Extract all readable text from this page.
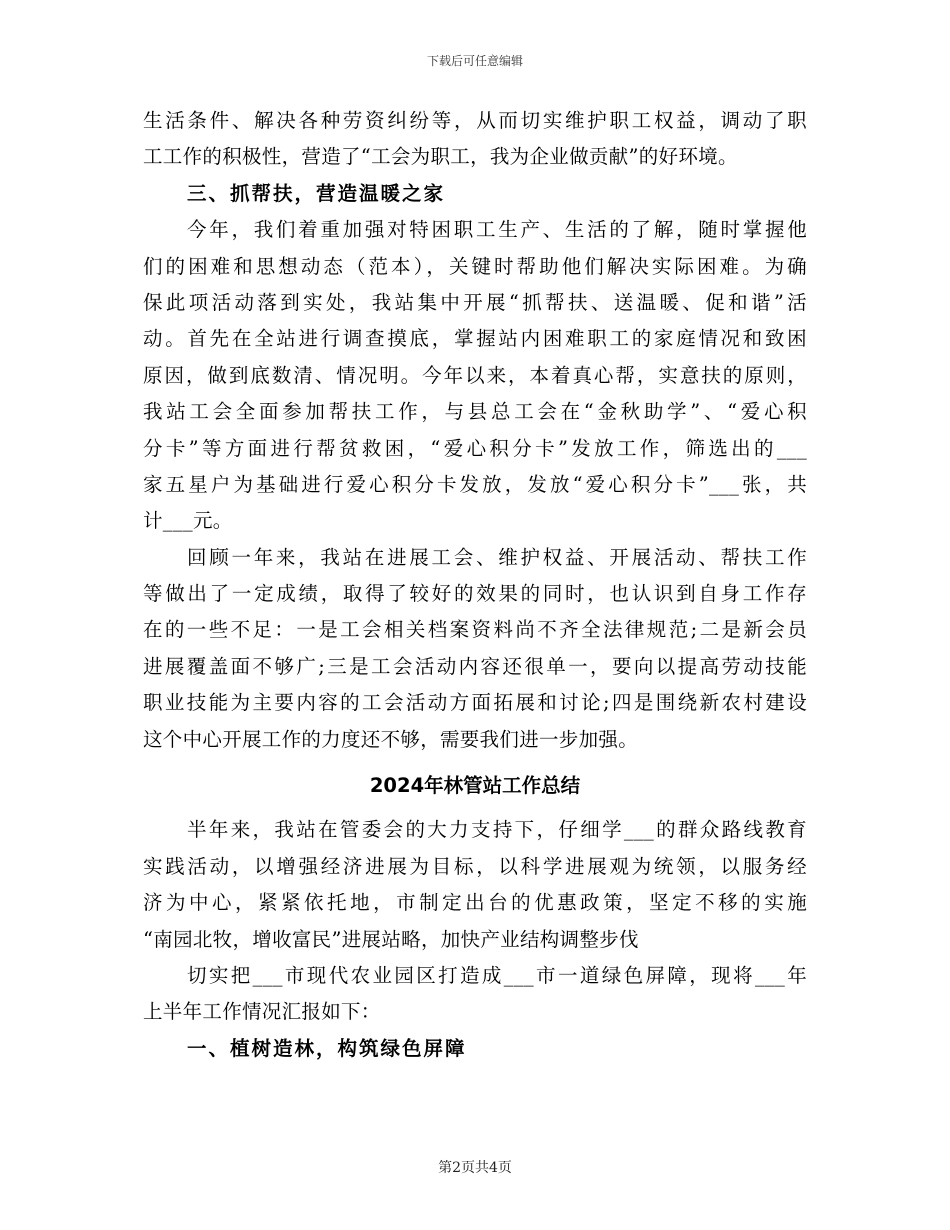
下载后可任意编辑
生活条件、解决各种劳资纠纷等，从而切实维护职工权益，调动了职
工工作的积极性，营造了“工会为职工，我为企业做贡献”的好环境。
三、抓帮扶，营造温暖之家
今年，我们着重加强对特困职工生产、生活的了解，随时掌握他
们的困难和思想动态（范本），关键时帮助他们解决实际困难。为确
保此项活动落到实处，我站集中开展“抓帮扶、送温暖、促和谐”活
动。首先在全站进行调查摸底，掌握站内困难职工的家庭情况和致困
原因，做到底数清、情况明。今年以来，本着真心帮，实意扶的原则，
我站工会全面参加帮扶工作，与县总工会在“金秋助学”、“爱心积
分卡”等方面进行帮贫救困，“爱心积分卡”发放工作，筛选出的___
家五星户为基础进行爱心积分卡发放，发放“爱心积分卡”___张，共
计___元。
回顾一年来，我站在进展工会、维护权益、开展活动、帮扶工作
等做出了一定成绩，取得了较好的效果的同时，也认识到自身工作存
在的一些不足：一是工会相关档案资料尚不齐全法律规范;二是新会员
进展覆盖面不够广;三是工会活动内容还很单一，要向以提高劳动技能
职业技能为主要内容的工会活动方面拓展和讨论;四是围绕新农村建设
这个中心开展工作的力度还不够，需要我们进一步加强。
2024年林管站工作总结
半年来，我站在管委会的大力支持下，仔细学___的群众路线教育
实践活动，以增强经济进展为目标，以科学进展观为统领，以服务经
济为中心，紧紧依托地，市制定出台的优惠政策，坚定不移的实施
“南园北牧，增收富民”进展站略，加快产业结构调整步伐
切实把___市现代农业园区打造成___市一道绿色屏障，现将___年
上半年工作情况汇报如下：
一、植树造林，构筑绿色屏障
第2页共4页
